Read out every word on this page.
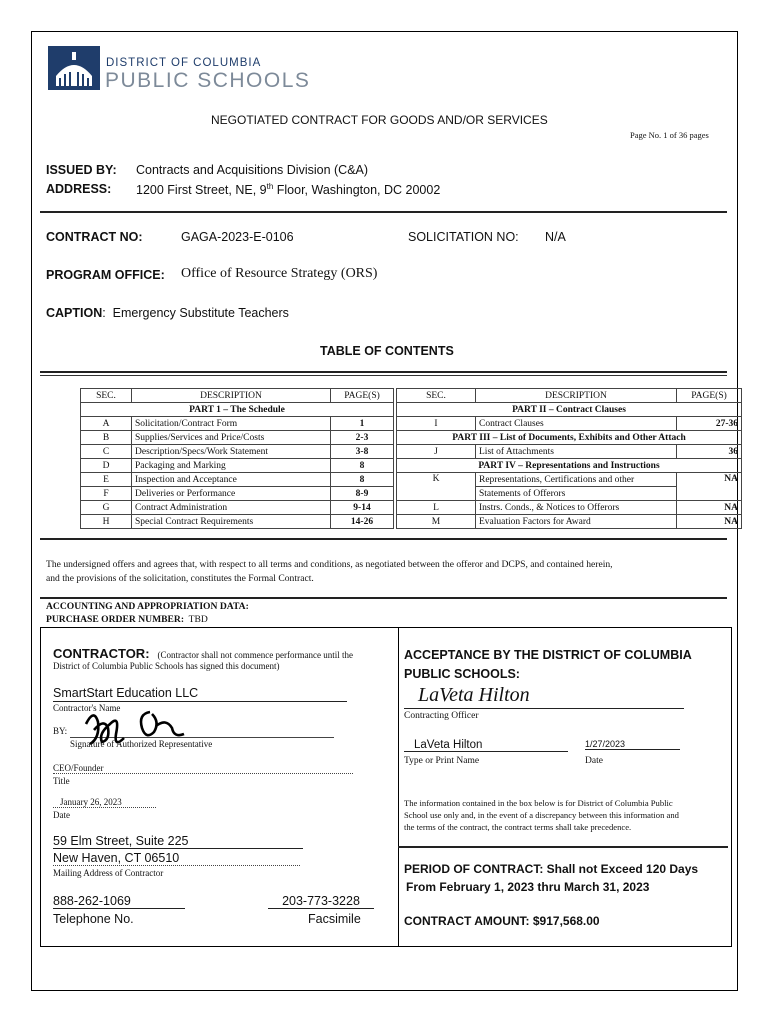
DISTRICT OF COLUMBIA
PUBLIC SCHOOLS
NEGOTIATED CONTRACT FOR GOODS AND/OR SERVICES
Page No. 1 of 36 pages
ISSUED BY: Contracts and Acquisitions Division (C&A)
ADDRESS: 1200 First Street, NE, 9th Floor, Washington, DC 20002
CONTRACT NO:	GAGA-2023-E-0106	SOLICITATION NO: N/A
PROGRAM OFFICE: Office of Resource Strategy (ORS)
CAPTION:  Emergency Substitute Teachers
TABLE OF CONTENTS
SEC.	DESCRIPTION	PAGE(S)
PART 1 – The Schedule		
A	Solicitation/Contract Form	1
B	Supplies/Services and Price/Costs	2-3
C	Description/Specs/Work Statement	3-8
D	Packaging and Marking	8
E	Inspection and Acceptance	8
F	Deliveries or Performance	8-9
G	Contract Administration	9-14
H	Special Contract Requirements	14-26
SEC.	DESCRIPTION	PAGE(S)
PART II – Contract Clauses		
I	Contract Clauses	27-36
PART III – List of Documents, Exhibits and Other Attach		
J	List of Attachments	36
PART IV – Representations and Instructions		
K	Representations, Certifications and other	NA
	Statements of Offerors	
L	Instrs. Conds., & Notices to Offerors	NA
M	Evaluation Factors for Award	NA
The undersigned offers and agrees that, with respect to all terms and conditions, as negotiated between the offeror and DCPS, and contained herein,
and the provisions of the solicitation, constitutes the Formal Contract.
ACCOUNTING AND APPROPRIATION DATA:
PURCHASE ORDER NUMBER: TBD
CONTRACTOR: (Contractor shall not commence performance until the
District of Columbia Public Schools has signed this document)
SmartStart Education LLC
Contractor's Name
BY:
Signature of Authorized Representative
CEO/Founder
Title
January 26, 2023
Date
59 Elm Street, Suite 225
New Haven, CT 06510
Mailing Address of Contractor
888-262-1069
Telephone No.
203-773-3228
Facsimile
ACCEPTANCE BY THE DISTRICT OF COLUMBIA
PUBLIC SCHOOLS:
LaVeta Hilton
Contracting Officer
LaVeta Hilton	1/27/2023
Type or Print Name	Date
The information contained in the box below is for District of Columbia Public
School use only and, in the event of a discrepancy between this information and
the terms of the contract, the contract terms shall take precedence.
PERIOD OF CONTRACT: Shall not Exceed 120 Days
From February 1, 2023 thru March 31, 2023
CONTRACT AMOUNT: $917,568.00
